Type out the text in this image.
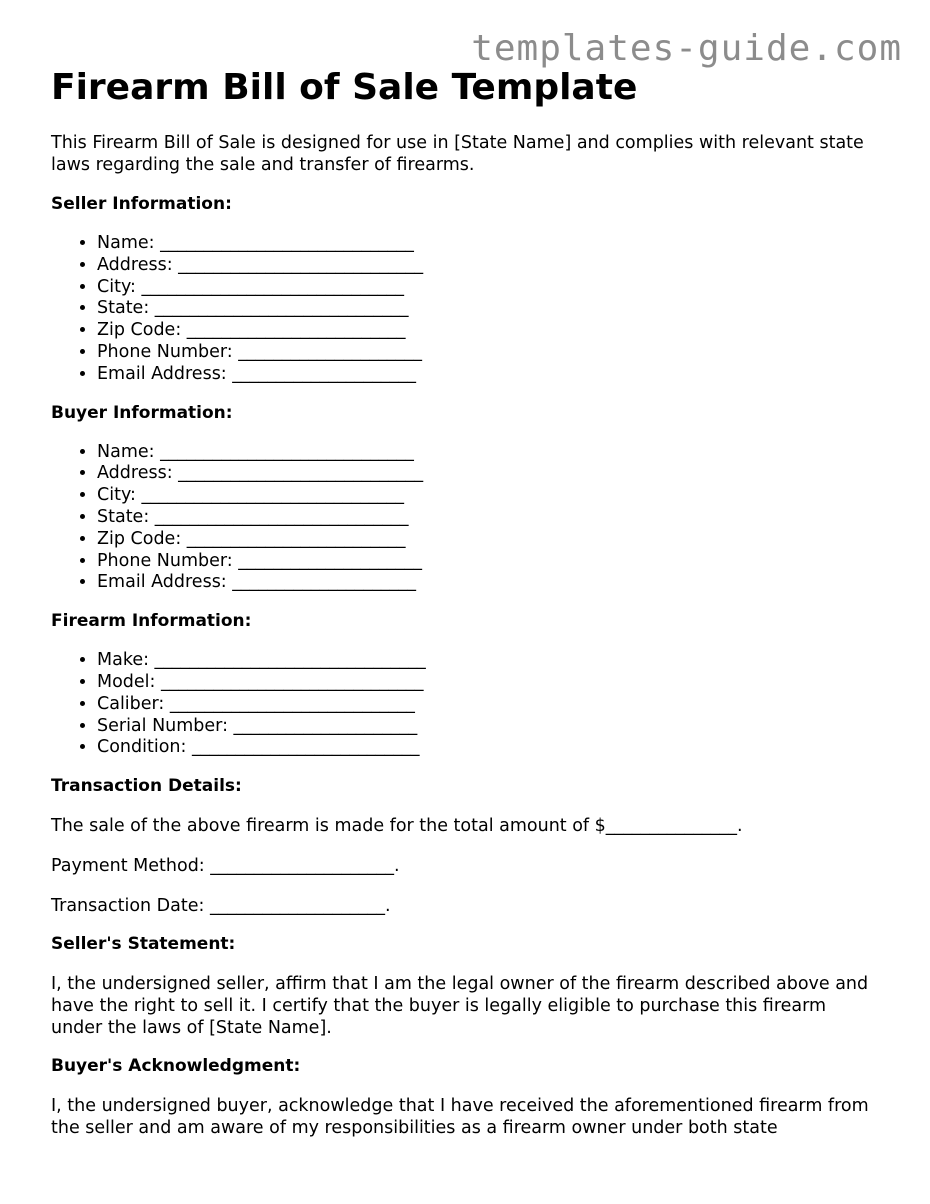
templates-guide.com
Firearm Bill of Sale Template

This Firearm Bill of Sale is designed for use in [State Name] and complies with relevant state laws regarding the sale and transfer of firearms.

Seller Information:
• Name: _____________________________
• Address: ____________________________
• City: ______________________________
• State: _____________________________
• Zip Code: _________________________
• Phone Number: _____________________
• Email Address: _____________________
Buyer Information:
• Name: _____________________________
• Address: ____________________________
• City: ______________________________
• State: _____________________________
• Zip Code: _________________________
• Phone Number: _____________________
• Email Address: _____________________
Firearm Information:
• Make: _______________________________
• Model: ______________________________
• Caliber: ____________________________
• Serial Number: _____________________
• Condition: __________________________
Transaction Details:

The sale of the above firearm is made for the total amount of $_______________.

Payment Method: _____________________.

Transaction Date: ____________________.

Seller's Statement:

I, the undersigned seller, affirm that I am the legal owner of the firearm described above and have the right to sell it. I certify that the buyer is legally eligible to purchase this firearm under the laws of [State Name].

Buyer's Acknowledgment:

I, the undersigned buyer, acknowledge that I have received the aforementioned firearm from the seller and am aware of my responsibilities as a firearm owner under both state
